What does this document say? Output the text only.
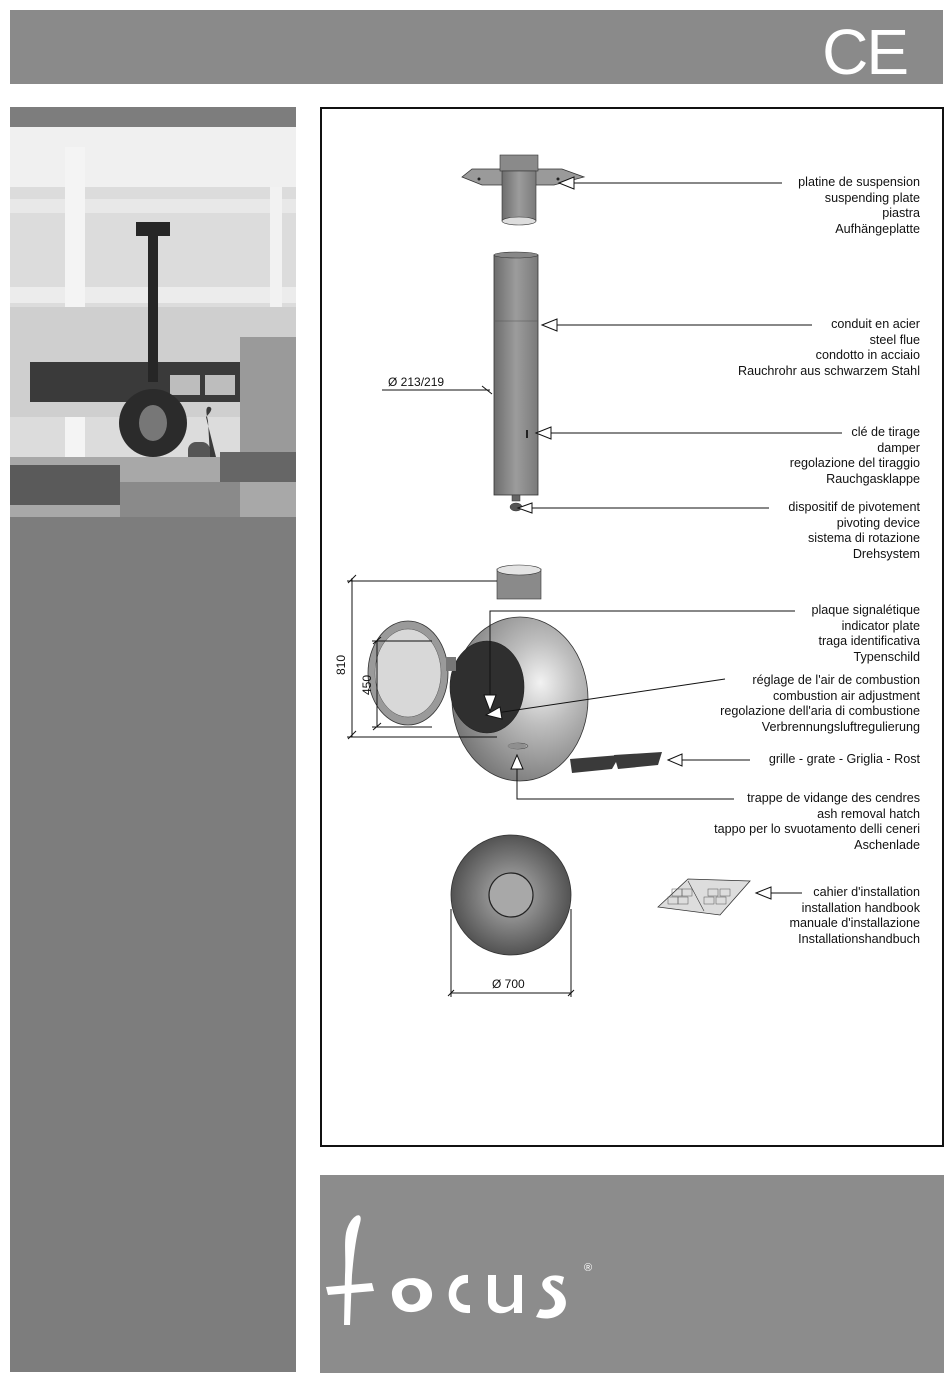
CE
platine de suspension
suspending plate
piastra
Aufhängeplatte
conduit en acier
steel flue
condotto in acciaio
Rauchrohr aus schwarzem Stahl
clé de tirage
damper
regolazione del tiraggio
Rauchgasklappe
dispositif de pivotement
pivoting device
sistema di rotazione
Drehsystem
plaque signalétique
indicator plate
traga identificativa
Typenschild
réglage de l'air de combustion
combustion air adjustment
regolazione dell'aria di combustione
Verbrennungsluftregulierung
grille - grate - Griglia - Rost
trappe de vidange des cendres
ash removal hatch
tappo per lo svuotamento delli ceneri
Aschenlade
cahier d'installation
installation handbook
manuale d'installazione
Installationshandbuch
Ø 213/219
810
450
Ø 700
®
